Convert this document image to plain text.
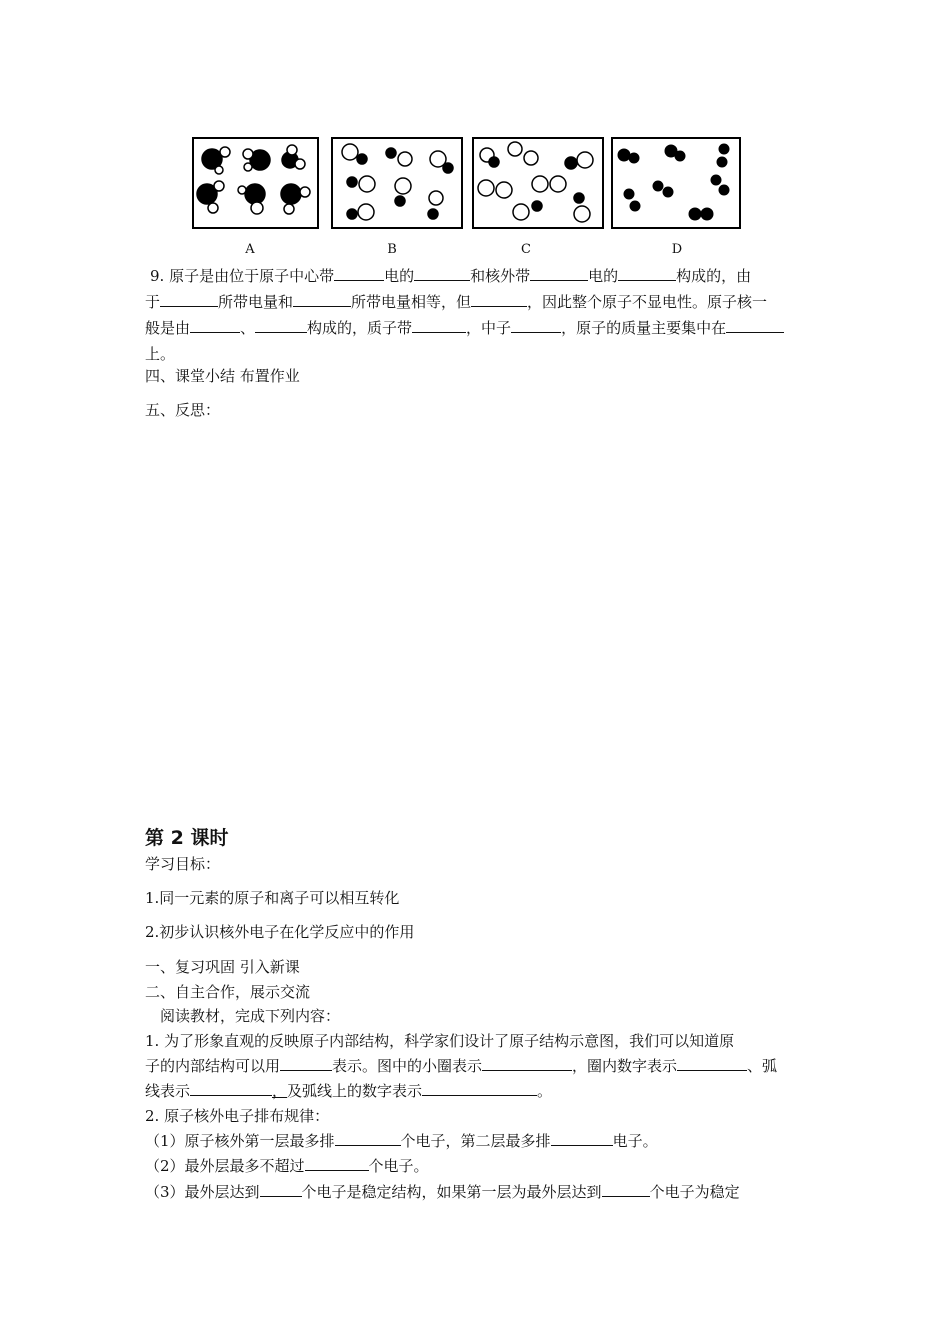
A	B	C	D
9. 原子是由位于原子中心带	电的	和核外带	电的	构成的，由
于	所带电量和	所带电量相等，但	，因此整个原子不显电性。原子核一
般是由	、	构成的，质子带	，中子	，原子的质量主要集中在
上。
四、课堂小结 布置作业
五、反思：
第 2 课时
学习目标：
1.同一元素的原子和离子可以相互转化
2.初步认识核外电子在化学反应中的作用
一、复习巩固 引入新课
二、自主合作，展示交流
阅读教材，完成下列内容：
1. 为了形象直观的反映原子内部结构，科学家们设计了原子结构示意图，我们可以知道原
子的内部结构可以用	表示。图中的小圈表示	，圈内数字表示	、弧
线表示	，及弧线上的数字表示	。
2. 原子核外电子排布规律：
（1）原子核外第一层最多排	个电子，第二层最多排	电子。
（2）最外层最多不超过	个电子。
（3）最外层达到	个电子是稳定结构，如果第一层为最外层达到	个电子为稳定
